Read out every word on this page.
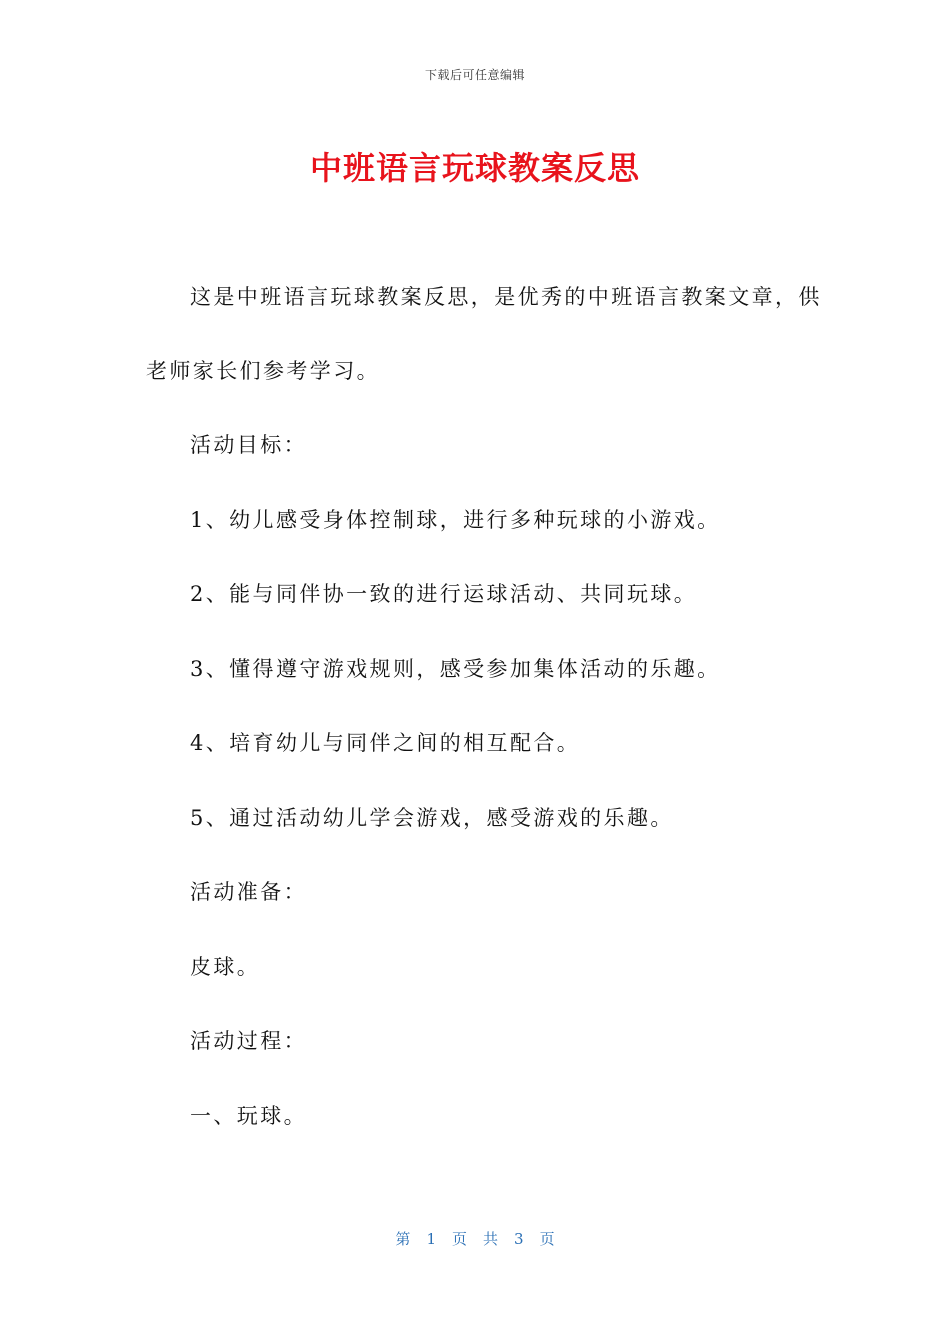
下载后可任意编辑
中班语言玩球教案反思
这是中班语言玩球教案反思，是优秀的中班语言教案文章，供
老师家长们参考学习。
活动目标：
1、幼儿感受身体控制球，进行多种玩球的小游戏。
2、能与同伴协一致的进行运球活动、共同玩球。
3、懂得遵守游戏规则，感受参加集体活动的乐趣。
4、培育幼儿与同伴之间的相互配合。
5、通过活动幼儿学会游戏，感受游戏的乐趣。
活动准备：
皮球。
活动过程：
一、玩球。
第 1 页 共 3 页
